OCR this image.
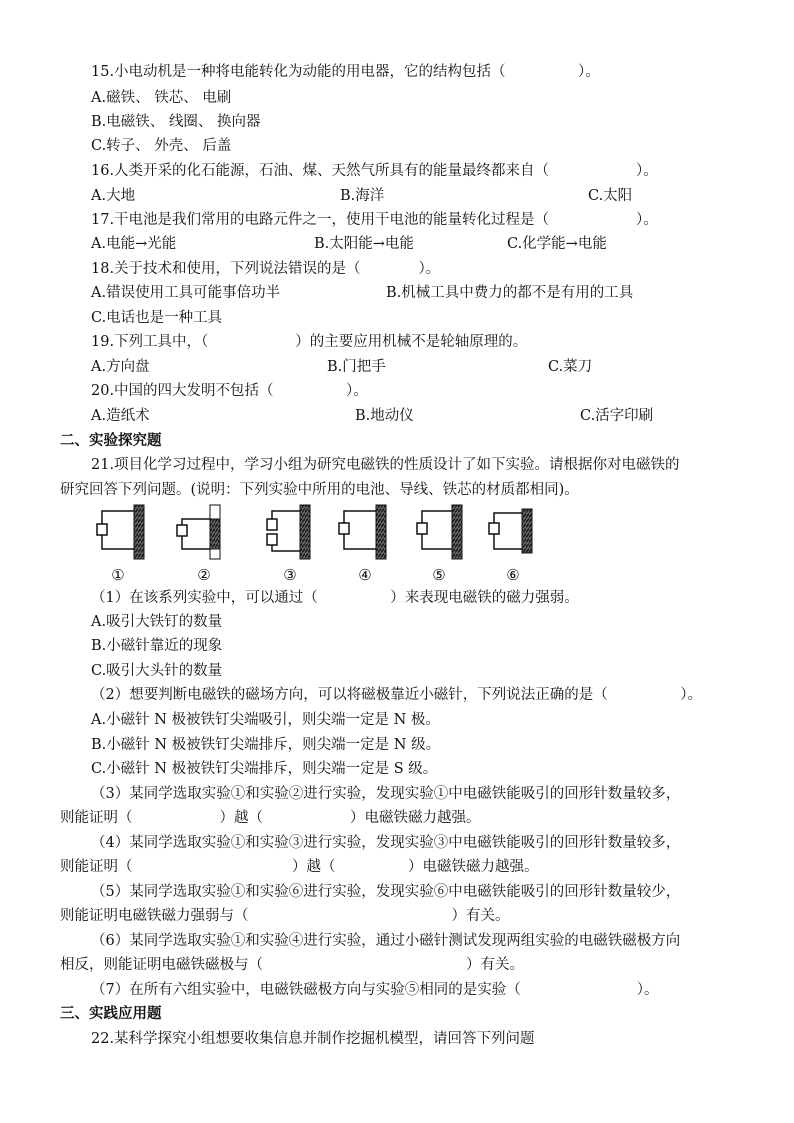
15.小电动机是一种将电能转化为动能的用电器，它的结构包括（　　　　　）。
A.磁铁、 铁芯、 电刷
B.电磁铁、 线圈、 换向器
C.转子、 外壳、 后盖
16.人类开采的化石能源，石油、煤、天然气所具有的能量最终都来自（　　　　　　）。
A.大地	B.海洋	C.太阳
17.干电池是我们常用的电路元件之一，使用干电池的能量转化过程是（　　　　　　）。
A.电能→光能	B.太阳能→电能	C.化学能→电能
18.关于技术和使用，下列说法错误的是（　　　　）。
A.错误使用工具可能事倍功半	B.机械工具中费力的都不是有用的工具
C.电话也是一种工具
19.下列工具中，（　　　　　　）的主要应用机械不是轮轴原理的。
A.方向盘	B.门把手	C.菜刀
20.中国的四大发明不包括（　　　　　）。
A.造纸术	B.地动仪	C.活字印刷
二、实验探究题
21.项目化学习过程中，学习小组为研究电磁铁的性质设计了如下实验。请根据你对电磁铁的
研究回答下列问题。(说明：下列实验中所用的电池、导线、铁芯的材质都相同)。
①	②	③	④	⑤	⑥
（1）在该系列实验中，可以通过（　　　　　）来表现电磁铁的磁力强弱。
A.吸引大铁钉的数量
B.小磁针靠近的现象
C.吸引大头针的数量
（2）想要判断电磁铁的磁场方向，可以将磁极靠近小磁针，下列说法正确的是（　　　　　）。
A.小磁针 N 极被铁钉尖端吸引，则尖端一定是 N 极。
B.小磁针 N 极被铁钉尖端排斥，则尖端一定是 N 级。
C.小磁针 N 极被铁钉尖端排斥，则尖端一定是 S 级。
（3）某同学选取实验①和实验②进行实验，发现实验①中电磁铁能吸引的回形针数量较多，
则能证明（　　　　　　）越（　　　　　　）电磁铁磁力越强。
（4）某同学选取实验①和实验③进行实验，发现实验③中电磁铁能吸引的回形针数量较多，
则能证明（　　　　　　　　　　　）越（　　　　　）电磁铁磁力越强。
（5）某同学选取实验①和实验⑥进行实验，发现实验⑥中电磁铁能吸引的回形针数量较少，
则能证明电磁铁磁力强弱与（　　　　　　　　　　　　　　）有关。
（6）某同学选取实验①和实验④进行实验，通过小磁针测试发现两组实验的电磁铁磁极方向
相反，则能证明电磁铁磁极与（　　　　　　　　　　　　　　）有关。
（7）在所有六组实验中，电磁铁磁极方向与实验⑤相同的是实验（　　　　　　　　）。
三、实践应用题
22.某科学探究小组想要收集信息并制作挖掘机模型，请回答下列问题
